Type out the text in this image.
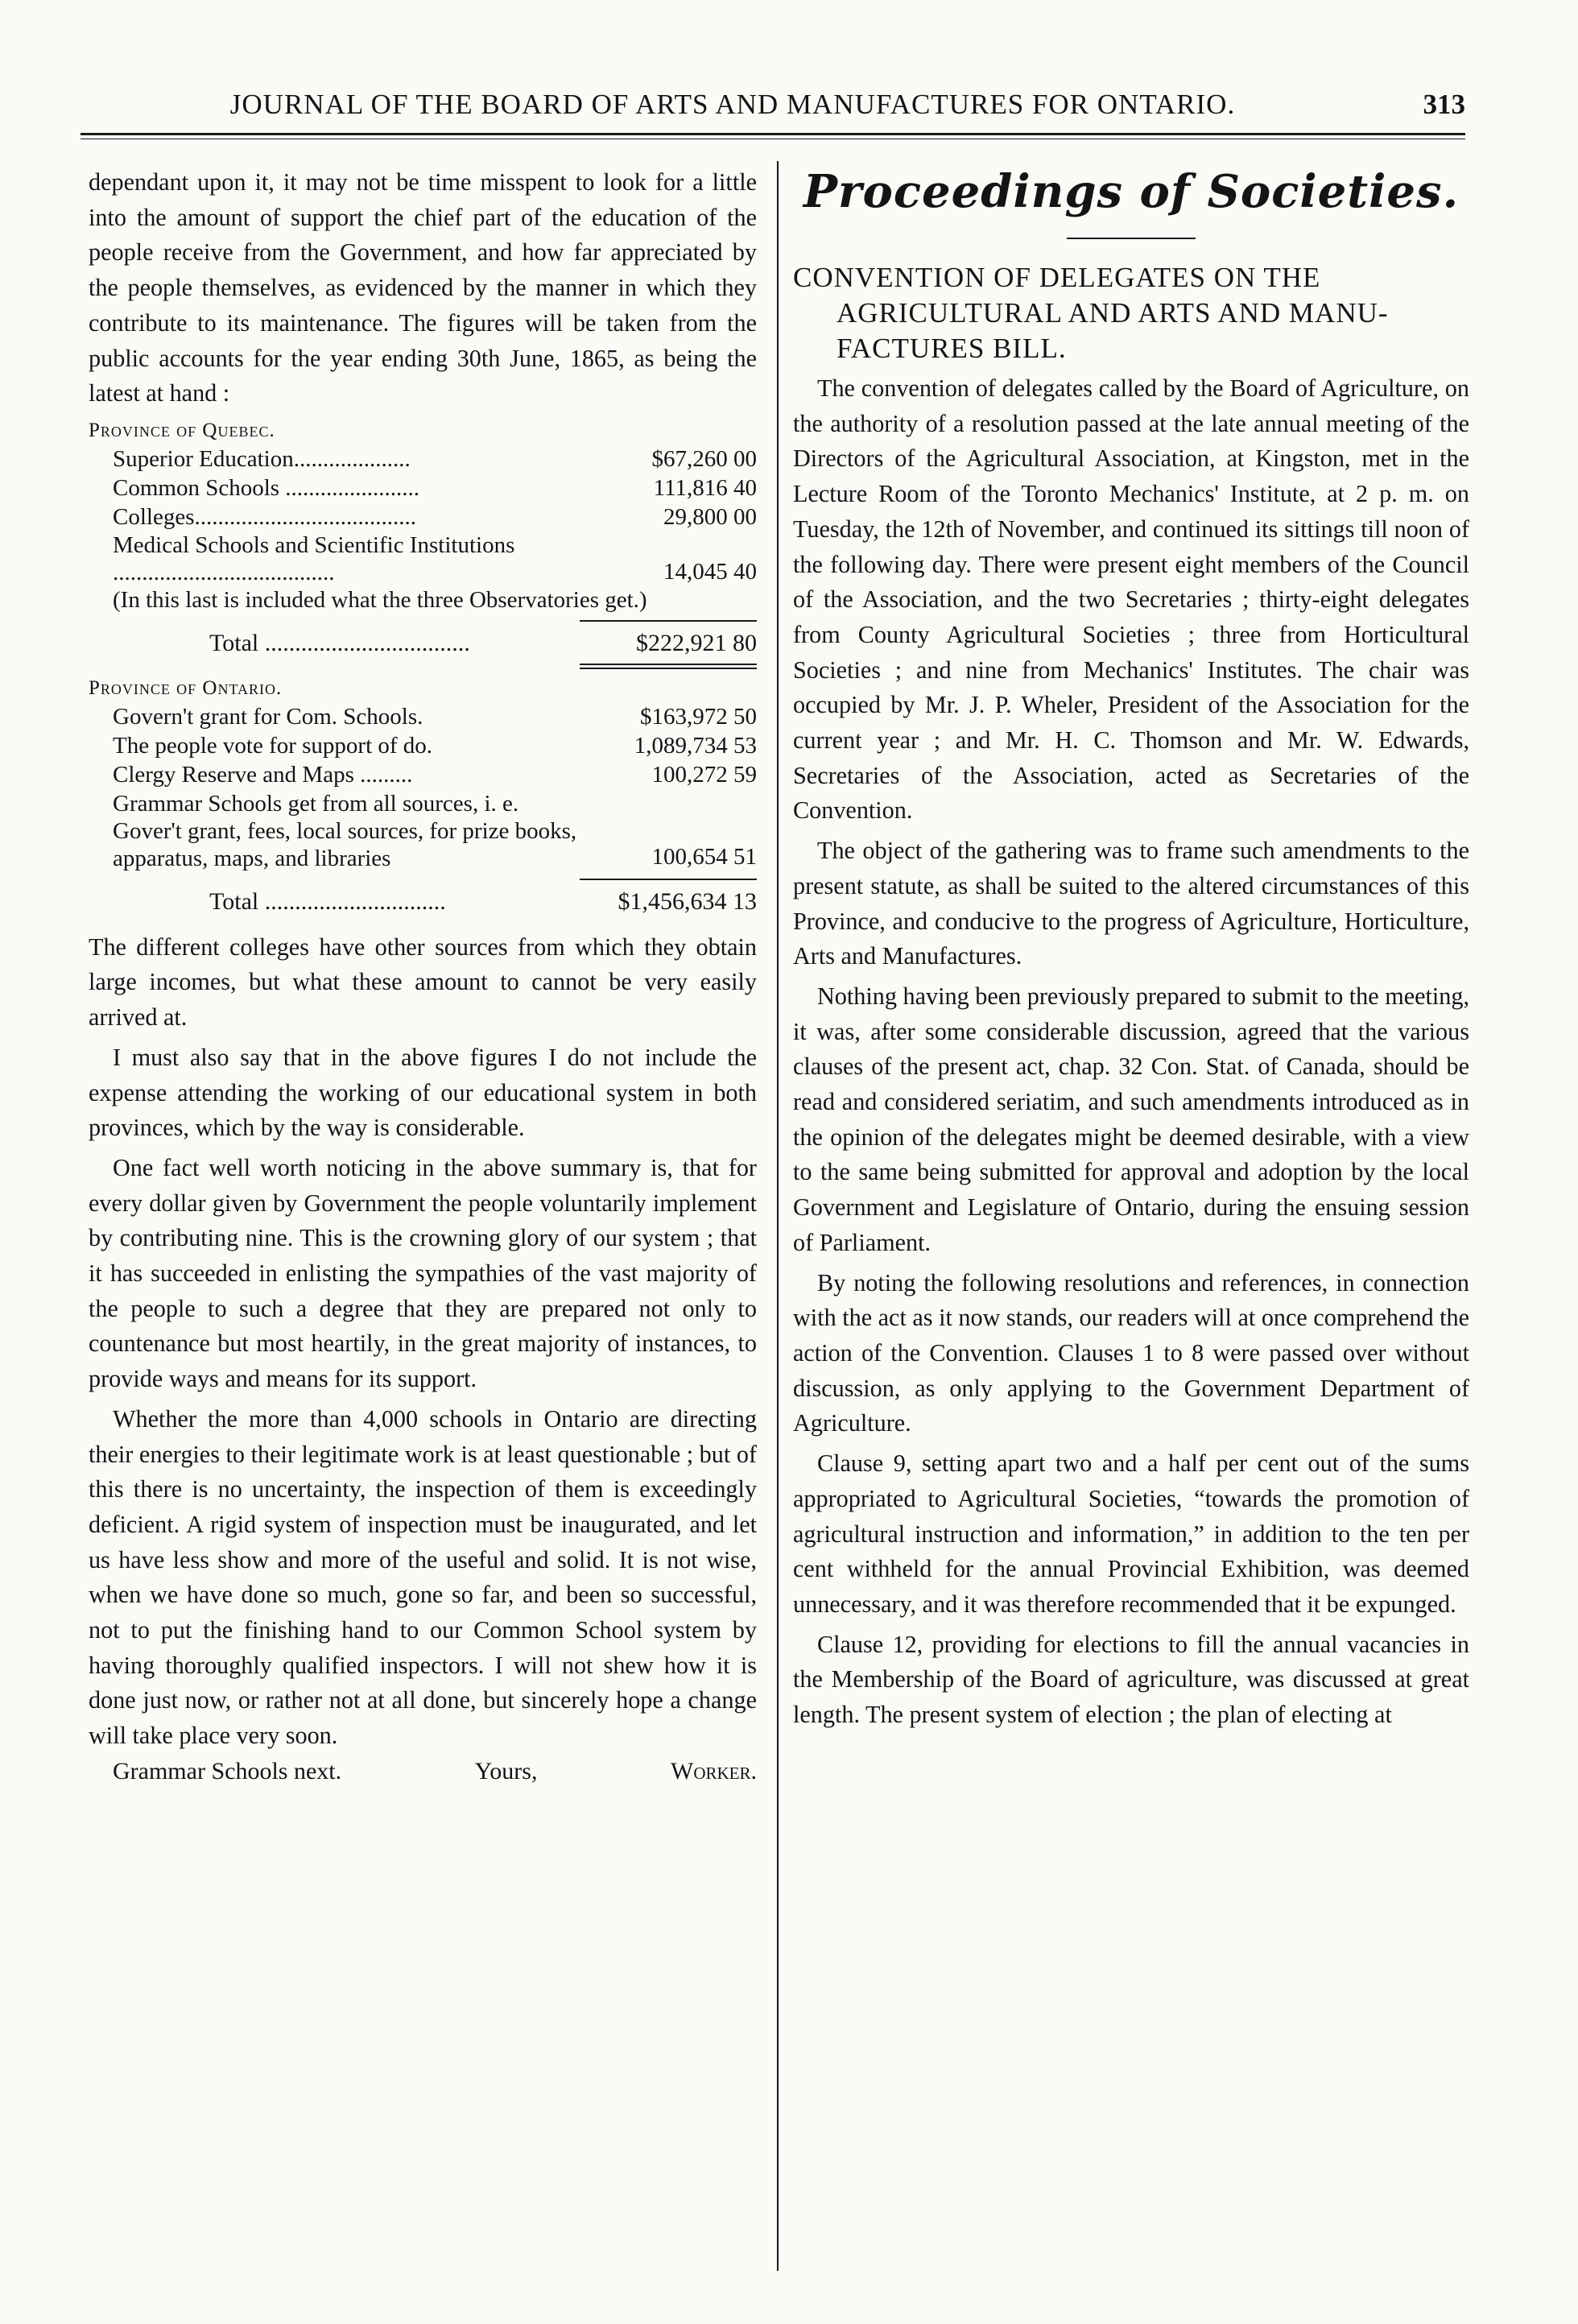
JOURNAL OF THE BOARD OF ARTS AND MANUFACTURES FOR ONTARIO.	313

dependant upon it, it may not be time misspent to look for a little into the amount of support the chief part of the education of the people receive from the Government, and how far appreciated by the people themselves, as evidenced by the manner in which they contribute to its maintenance. The figures will be taken from the public accounts for the year ending 30th June, 1865, as being the latest at hand :

Province of Quebec.
Superior Education....................	$67,260 00
Common Schools .......................	111,816 40
Colleges......................................	29,800 00
Medical Schools and Scientific Institutions ......................................	14,045 40
(In this last is included what the three Observatories get.)
Total ..................................	$222,921 80
Province of Ontario.
Govern't grant for Com. Schools.	$163,972 50
The people vote for support of do.	1,089,734 53
Clergy Reserve and Maps .........	100,272 59
Grammar Schools get from all sources, i. e. Gover't grant, fees, local sources, for prize books, apparatus, maps, and libraries	100,654 51
Total ..............................	$1,456,634 13

The different colleges have other sources from which they obtain large incomes, but what these amount to cannot be very easily arrived at.

I must also say that in the above figures I do not include the expense attending the working of our educational system in both provinces, which by the way is considerable.

One fact well worth noticing in the above summary is, that for every dollar given by Government the people voluntarily implement by contributing nine. This is the crowning glory of our system ; that it has succeeded in enlisting the sympathies of the vast majority of the people to such a degree that they are prepared not only to countenance but most heartily, in the great majority of instances, to provide ways and means for its support.

Whether the more than 4,000 schools in Ontario are directing their energies to their legitimate work is at least questionable ; but of this there is no uncertainty, the inspection of them is exceedingly deficient. A rigid system of inspection must be inaugurated, and let us have less show and more of the useful and solid. It is not wise, when we have done so much, gone so far, and been so successful, not to put the finishing hand to our Common School system by having thoroughly qualified inspectors. I will not shew how it is done just now, or rather not at all done, but sincerely hope a change will take place very soon.

Grammar Schools next.	Yours,	Worker.
Proceedings of Societies.
CONVENTION OF DELEGATES ON THE
AGRICULTURAL AND ARTS AND MANU-
FACTURES BILL.

The convention of delegates called by the Board of Agriculture, on the authority of a resolution passed at the late annual meeting of the Directors of the Agricultural Association, at Kingston, met in the Lecture Room of the Toronto Mechanics' Institute, at 2 p. m. on Tuesday, the 12th of November, and continued its sittings till noon of the following day. There were present eight members of the Council of the Association, and the two Secretaries ; thirty-eight delegates from County Agricultural Societies ; three from Horticultural Societies ; and nine from Mechanics' Institutes. The chair was occupied by Mr. J. P. Wheler, President of the Association for the current year ; and Mr. H. C. Thomson and Mr. W. Edwards, Secretaries of the Association, acted as Secretaries of the Convention.

The object of the gathering was to frame such amendments to the present statute, as shall be suited to the altered circumstances of this Province, and conducive to the progress of Agriculture, Horticulture, Arts and Manufactures.

Nothing having been previously prepared to submit to the meeting, it was, after some considerable discussion, agreed that the various clauses of the present act, chap. 32 Con. Stat. of Canada, should be read and considered seriatim, and such amendments introduced as in the opinion of the delegates might be deemed desirable, with a view to the same being submitted for approval and adoption by the local Government and Legislature of Ontario, during the ensuing session of Parliament.

By noting the following resolutions and references, in connection with the act as it now stands, our readers will at once comprehend the action of the Convention. Clauses 1 to 8 were passed over without discussion, as only applying to the Government Department of Agriculture.

Clause 9, setting apart two and a half per cent out of the sums appropriated to Agricultural Societies, “towards the promotion of agricultural instruction and information,” in addition to the ten per cent withheld for the annual Provincial Exhibition, was deemed unnecessary, and it was therefore recommended that it be expunged.

Clause 12, providing for elections to fill the annual vacancies in the Membership of the Board of agriculture, was discussed at great length. The present system of election ; the plan of electing at
